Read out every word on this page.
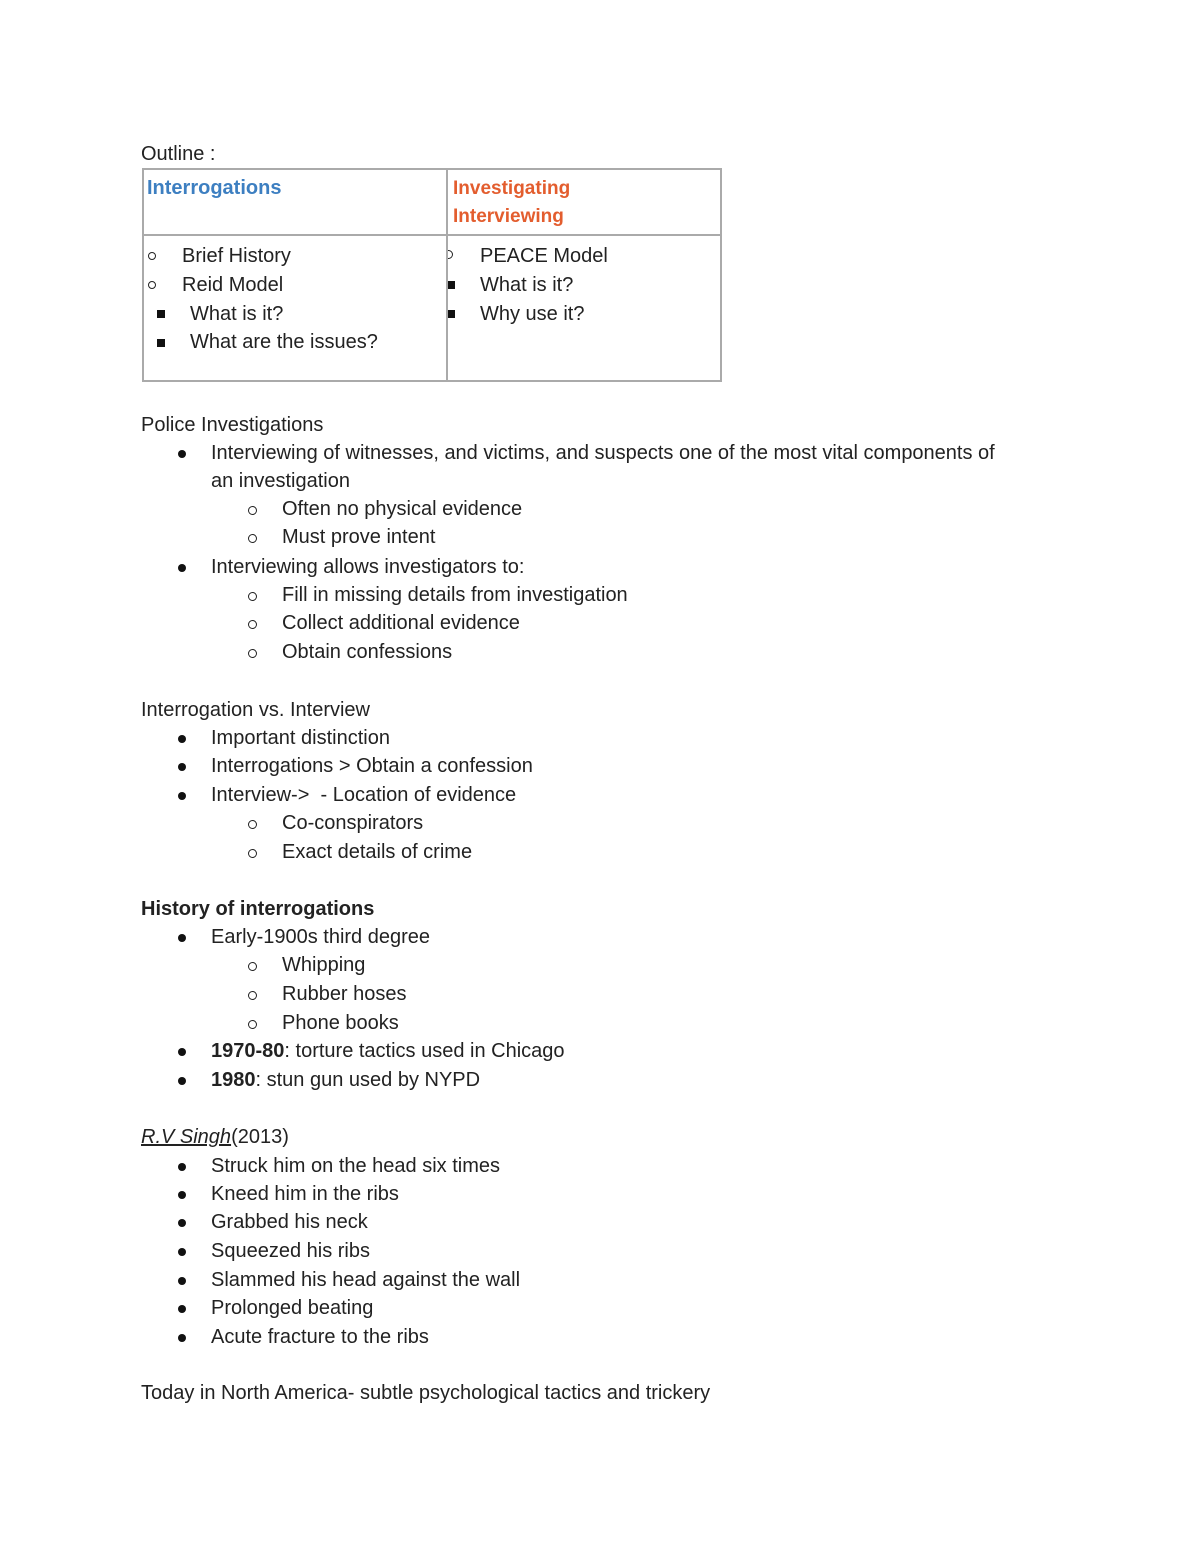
Outline :
Interrogations	Investigating
Interviewing
Brief History
Reid Model
What is it?
What are the issues?
PEACE Model
What is it?
Why use it?
Police Investigations
Interviewing of witnesses, and victims, and suspects one of the most vital components of
an investigation
Often no physical evidence
Must prove intent
Interviewing allows investigators to:
Fill in missing details from investigation
Collect additional evidence
Obtain confessions
Interrogation vs. Interview
Important distinction
Interrogations > Obtain a confession
Interview->  - Location of evidence
Co-conspirators
Exact details of crime
History of interrogations
Early-1900s third degree
Whipping
Rubber hoses
Phone books
1970-80: torture tactics used in Chicago
1980: stun gun used by NYPD
R.V Singh(2013)
Struck him on the head six times
Kneed him in the ribs
Grabbed his neck
Squeezed his ribs
Slammed his head against the wall
Prolonged beating
Acute fracture to the ribs
Today in North America- subtle psychological tactics and trickery
